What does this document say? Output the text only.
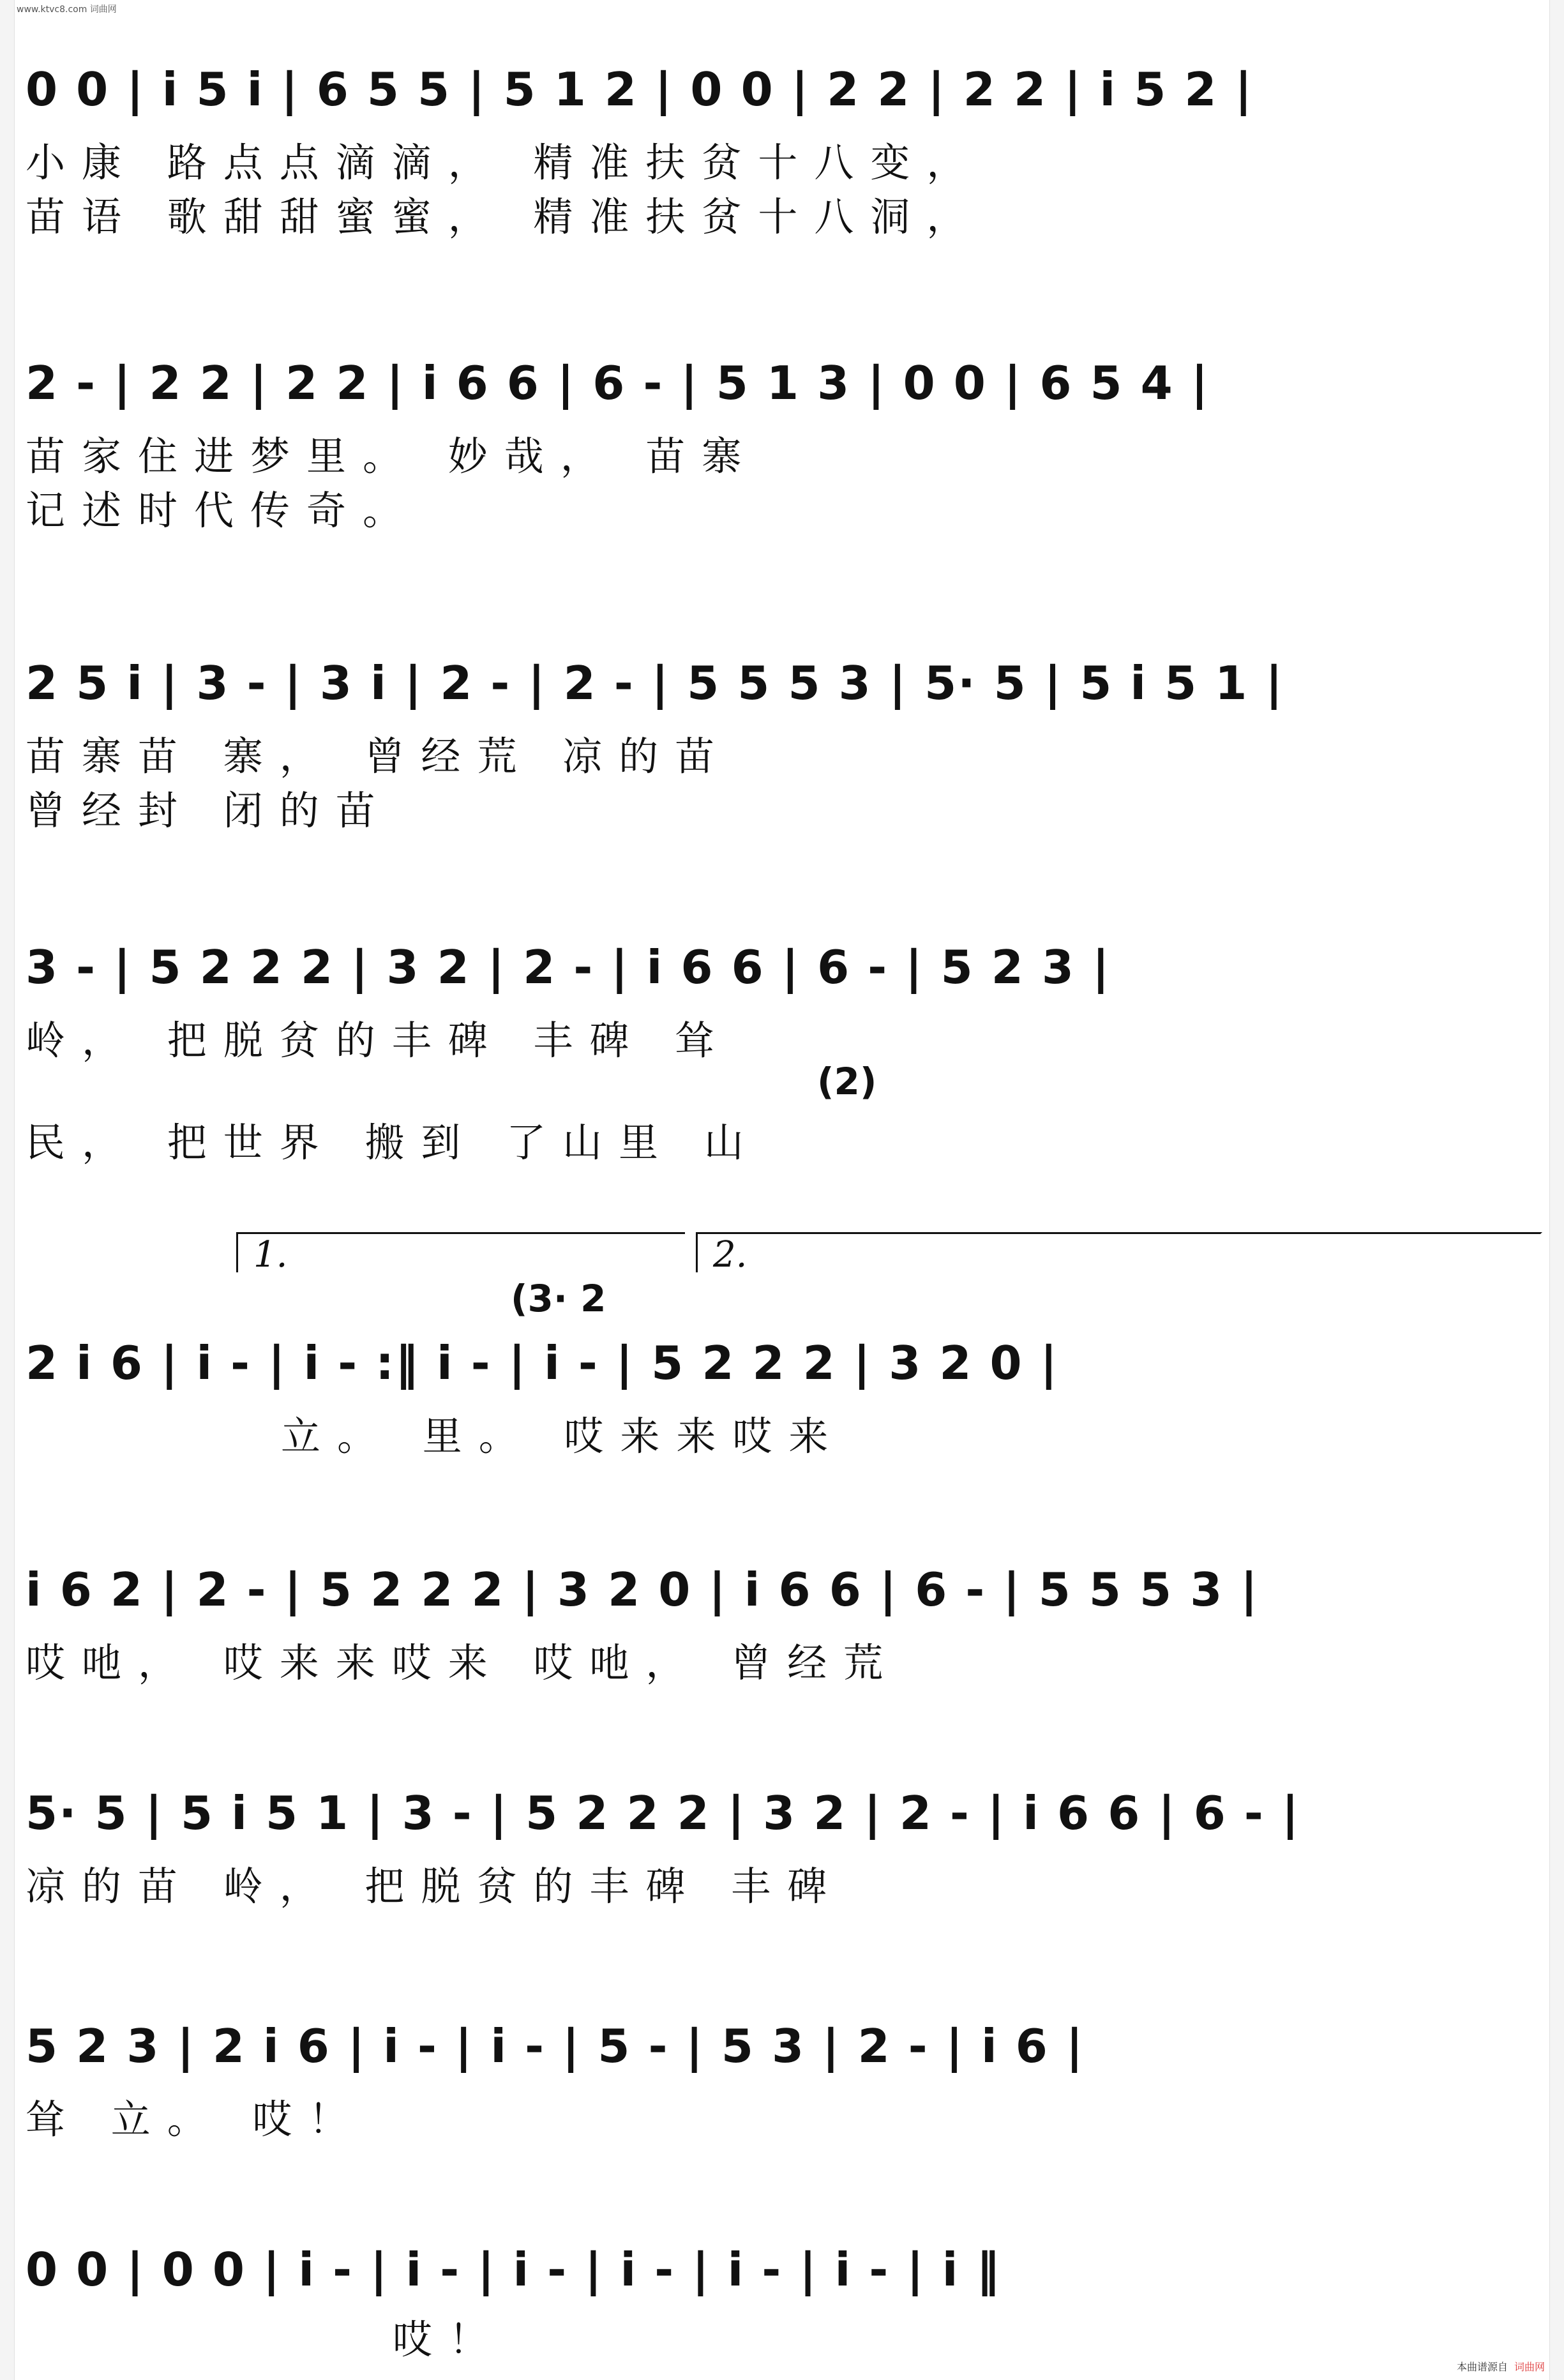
www.ktvc8.com 词曲网
0 0 | i 5 i | 6 5 5 | 5 1 2 | 0 0 | 2 2 | 2 2 | i 5 2 |
小康 路点点滴滴， 精准扶贫十八变，
苗语 歌甜甜蜜蜜， 精准扶贫十八洞，
2 - | 2 2 | 2 2 | i 6 6 | 6 - | 5 1 3 | 0 0 | 6 5 4 |
苗家住进梦里。 妙哉， 苗寨
记述时代传奇。
2 5 i | 3 - | 3 i | 2 - | 2 - | 5 5 5 3 | 5· 5 | 5 i 5 1 |
苗寨苗 寨， 曾经荒 凉的苗
曾经封 闭的苗
3 - | 5 2 2 2 | 3 2 | 2 - | i 6 6 | 6 - | 5 2 3 |
岭， 把脱贫的丰碑 丰碑 耸
(2)
民， 把世界 搬到 了山里 山
1.	2.
(3· 2
2 i 6 | i - | i - :‖ i - | i - | 5 2 2 2 | 3 2 0 |
立。 里。 哎来来哎来
i 6 2 | 2 - | 5 2 2 2 | 3 2 0 | i 6 6 | 6 - | 5 5 5 3 |
哎吔， 哎来来哎来 哎吔， 曾经荒
5· 5 | 5 i 5 1 | 3 - | 5 2 2 2 | 3 2 | 2 - | i 6 6 | 6 - |
凉的苗 岭， 把脱贫的丰碑 丰碑
5 2 3 | 2 i 6 | i - | i - | 5 - | 5 3 | 2 - | i 6 |
耸 立。 哎！
0 0 | 0 0 | i - | i - | i - | i - | i - | i - | i ‖
哎！
本曲谱源自 词曲网
